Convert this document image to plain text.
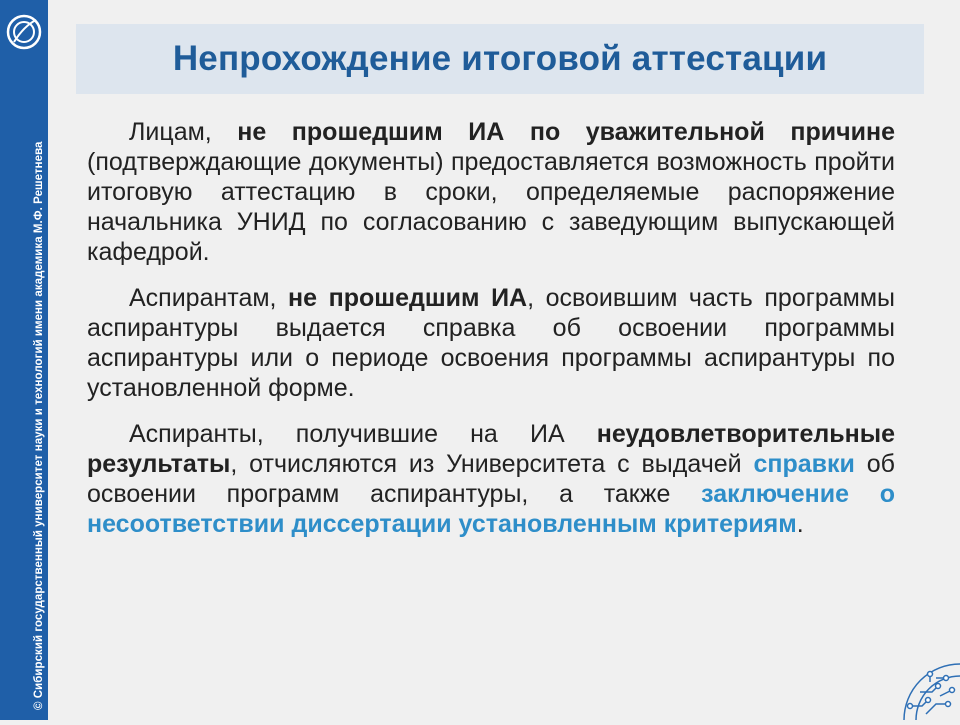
© Сибирский государственный университет науки и технологий имени академика М.Ф. Решетнева
Непрохождение итоговой аттестации

Лицам, не прошедшим ИА по уважительной причине (подтверждающие документы) предоставляется возможность пройти итоговую аттестацию в сроки, определяемые распоряжение начальника УНИД по согласованию с заведующим выпускающей кафедрой.

Аспирантам, не прошедшим ИА, освоившим часть программы аспирантуры выдается справка об освоении программы аспирантуры или о периоде освоения программы аспирантуры по установленной форме.

Аспиранты, получившие на ИА неудовлетворительные результаты, отчисляются из Университета с выдачей справки об освоении программ аспирантуры, а также заключение о несоответствии диссертации установленным критериям.
